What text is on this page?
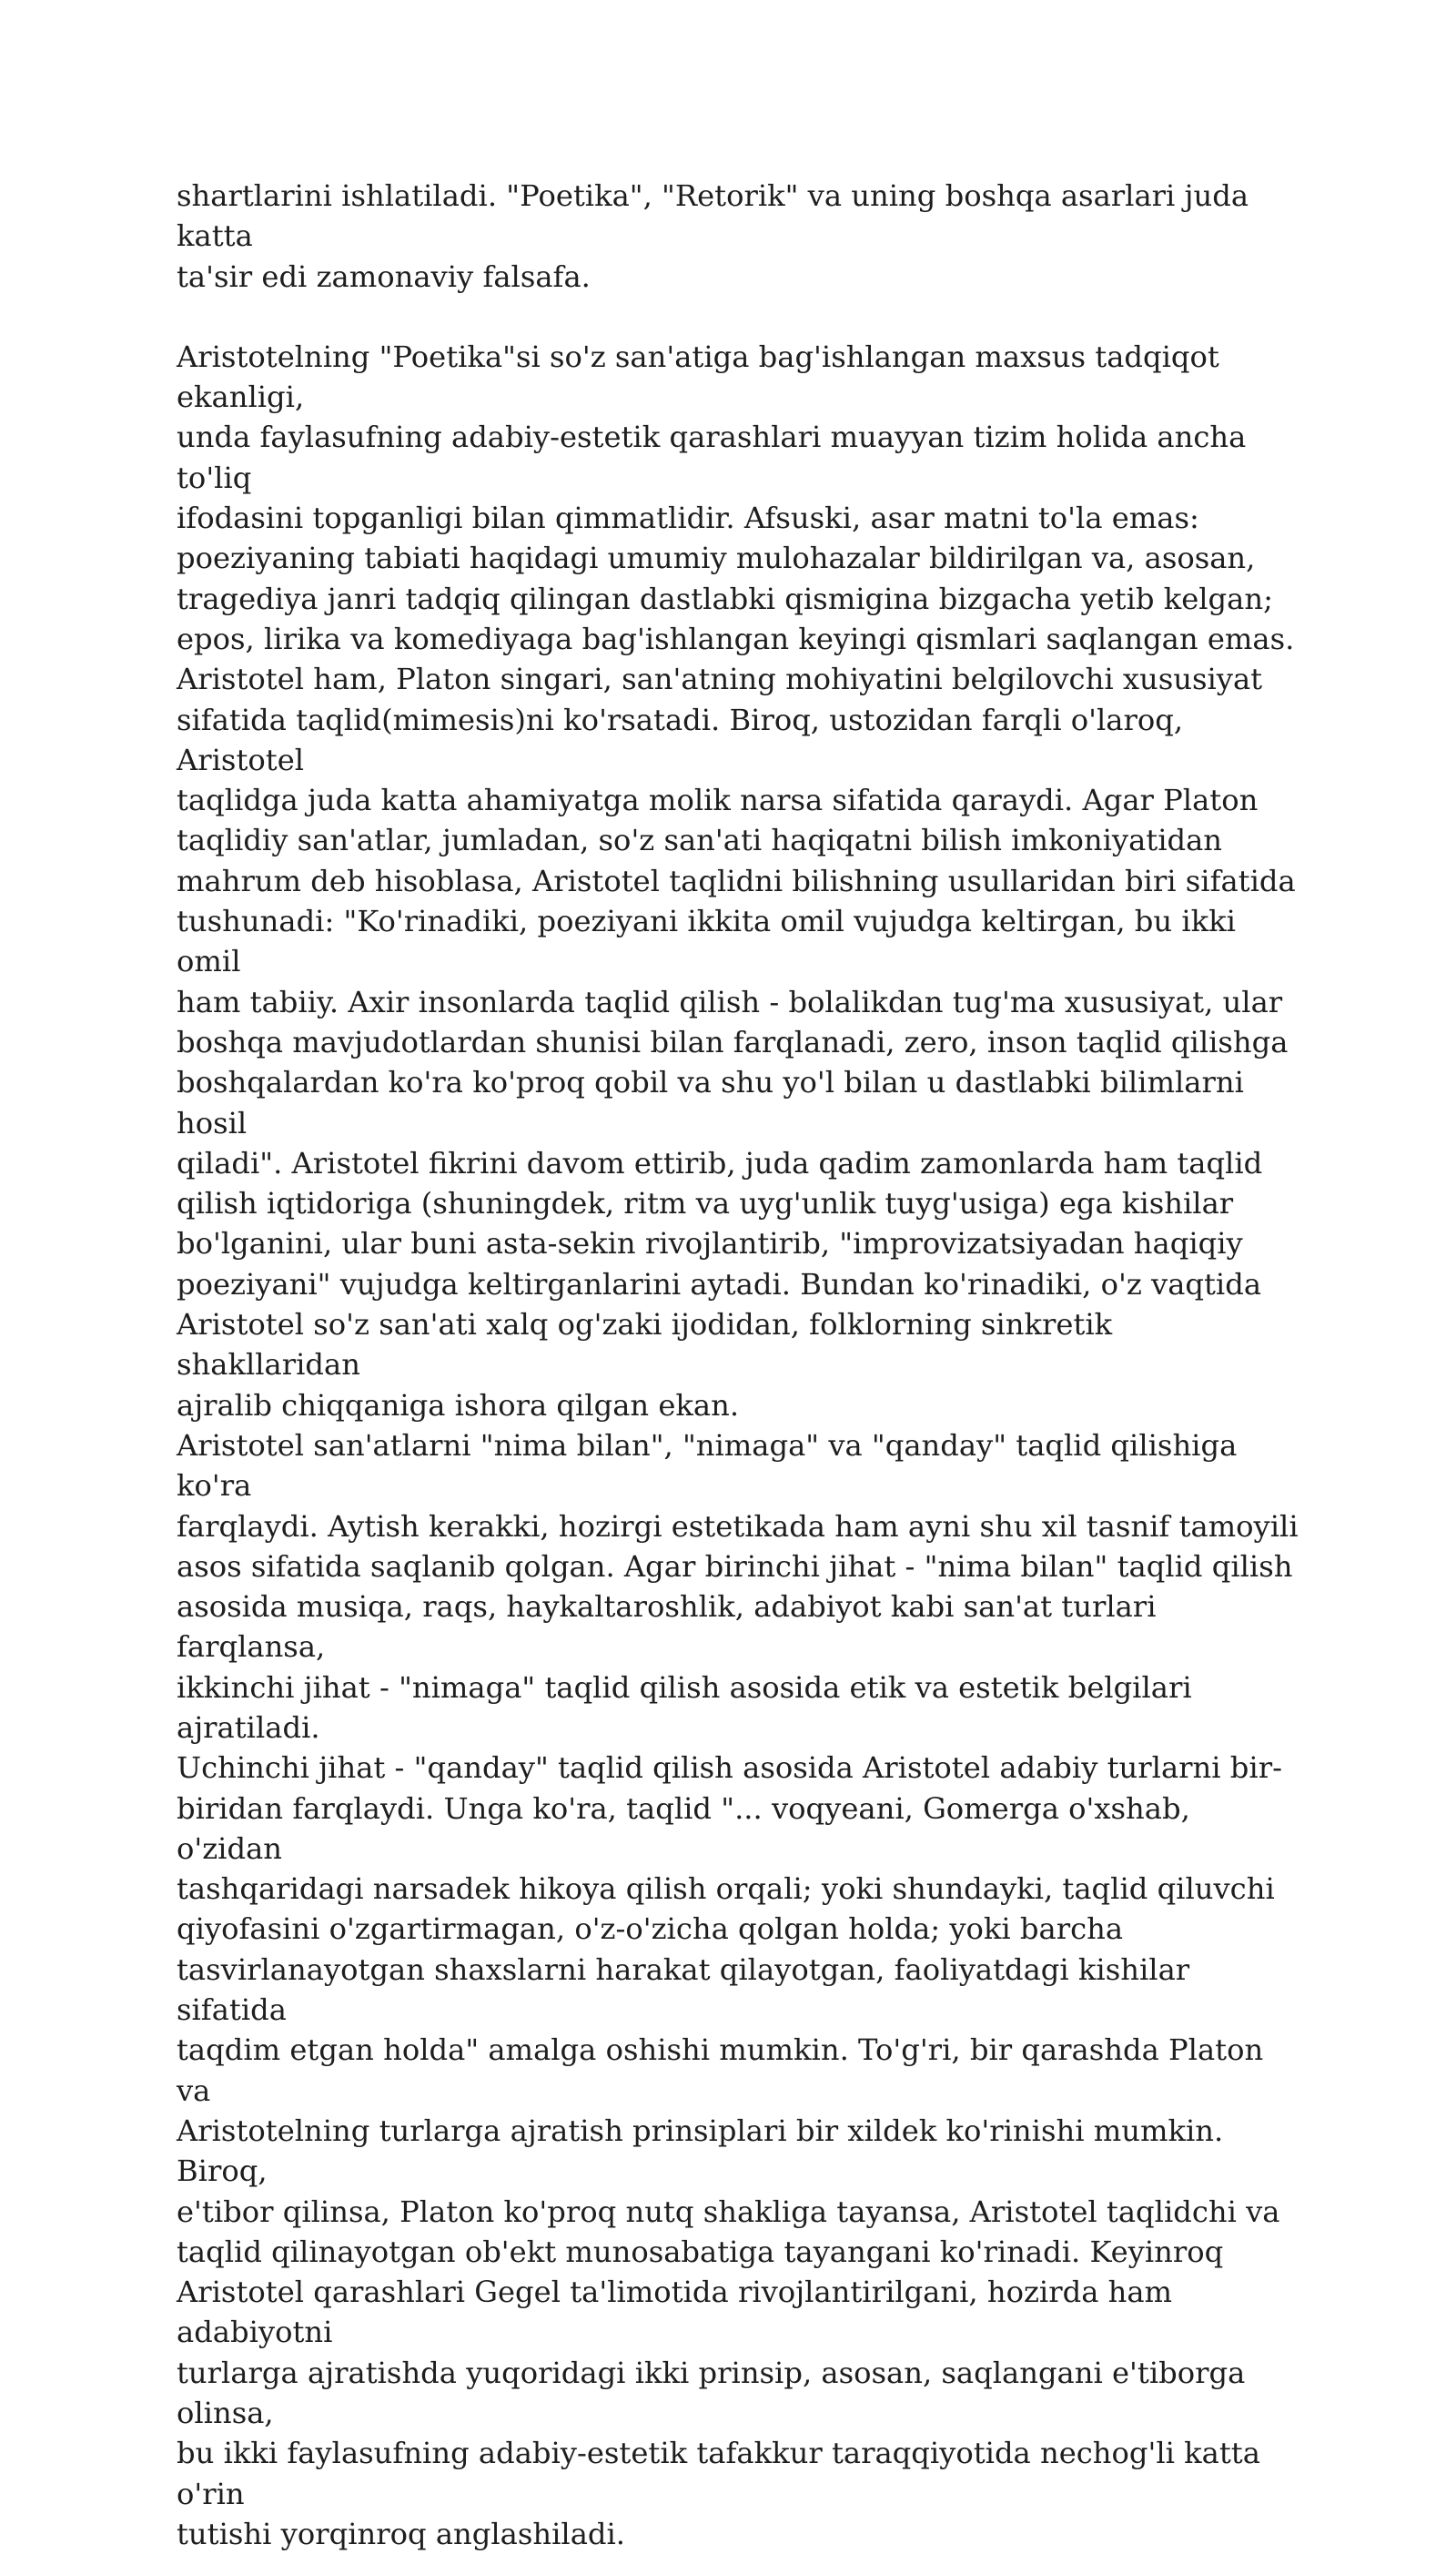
shartlarini ishlatiladi. "Poetika", "Retorik" va uning boshqa asarlari juda katta
ta'sir edi zamonaviy falsafa.

Aristotelning "Poetika"si so'z san'atiga bag'ishlangan maxsus tadqiqot ekanligi,
unda faylasufning adabiy-estetik qarashlari muayyan tizim holida ancha to'liq
ifodasini topganligi bilan qimmatlidir. Afsuski, asar matni to'la emas:
poeziyaning tabiati haqidagi umumiy mulohazalar bildirilgan va, asosan,
tragediya janri tadqiq qilingan dastlabki qismigina bizgacha yetib kelgan;
epos, lirika va komediyaga bag'ishlangan keyingi qismlari saqlangan emas.
Aristotel ham, Platon singari, san'atning mohiyatini belgilovchi xususiyat
sifatida taqlid(mimesis)ni ko'rsatadi. Biroq, ustozidan farqli o'laroq, Aristotel
taqlidga juda katta ahamiyatga molik narsa sifatida qaraydi. Agar Platon
taqlidiy san'atlar, jumladan, so'z san'ati haqiqatni bilish imkoniyatidan
mahrum deb hisoblasa, Aristotel taqlidni bilishning usullaridan biri sifatida
tushunadi: "Ko'rinadiki, poeziyani ikkita omil vujudga keltirgan, bu ikki omil
ham tabiiy. Axir insonlarda taqlid qilish - bolalikdan tug'ma xususiyat, ular
boshqa mavjudotlardan shunisi bilan farqlanadi, zero, inson taqlid qilishga
boshqalardan ko'ra ko'proq qobil va shu yo'l bilan u dastlabki bilimlarni hosil
qiladi". Aristotel fikrini davom ettirib, juda qadim zamonlarda ham taqlid
qilish iqtidoriga (shuningdek, ritm va uyg'unlik tuyg'usiga) ega kishilar
bo'lganini, ular buni asta-sekin rivojlantirib, "improvizatsiyadan haqiqiy
poeziyani" vujudga keltirganlarini aytadi. Bundan ko'rinadiki, o'z vaqtida
Aristotel so'z san'ati xalq og'zaki ijodidan, folklorning sinkretik shakllaridan
ajralib chiqqaniga ishora qilgan ekan.

Aristotel san'atlarni "nima bilan", "nimaga" va "qanday" taqlid qilishiga ko'ra
farqlaydi. Aytish kerakki, hozirgi estetikada ham ayni shu xil tasnif tamoyili
asos sifatida saqlanib qolgan. Agar birinchi jihat - "nima bilan" taqlid qilish
asosida musiqa, raqs, haykaltaroshlik, adabiyot kabi san'at turlari farqlansa,
ikkinchi jihat - "nimaga" taqlid qilish asosida etik va estetik belgilari ajratiladi.
Uchinchi jihat - "qanday" taqlid qilish asosida Aristotel adabiy turlarni bir-
biridan farqlaydi. Unga ko'ra, taqlid "... voqyeani, Gomerga o'xshab, o'zidan
tashqaridagi narsadek hikoya qilish orqali; yoki shundayki, taqlid qiluvchi
qiyofasini o'zgartirmagan, o'z-o'zicha qolgan holda; yoki barcha
tasvirlanayotgan shaxslarni harakat qilayotgan, faoliyatdagi kishilar sifatida
taqdim etgan holda" amalga oshishi mumkin. To'g'ri, bir qarashda Platon va
Aristotelning turlarga ajratish prinsiplari bir xildek ko'rinishi mumkin. Biroq,
e'tibor qilinsa, Platon ko'proq nutq shakliga tayansa, Aristotel taqlidchi va
taqlid qilinayotgan ob'ekt munosabatiga tayangani ko'rinadi. Keyinroq
Aristotel qarashlari Gegel ta'limotida rivojlantirilgani, hozirda ham adabiyotni
turlarga ajratishda yuqoridagi ikki prinsip, asosan, saqlangani e'tiborga olinsa,
bu ikki faylasufning adabiy-estetik tafakkur taraqqiyotida nechog'li katta o'rin
tutishi yorqinroq anglashiladi.
